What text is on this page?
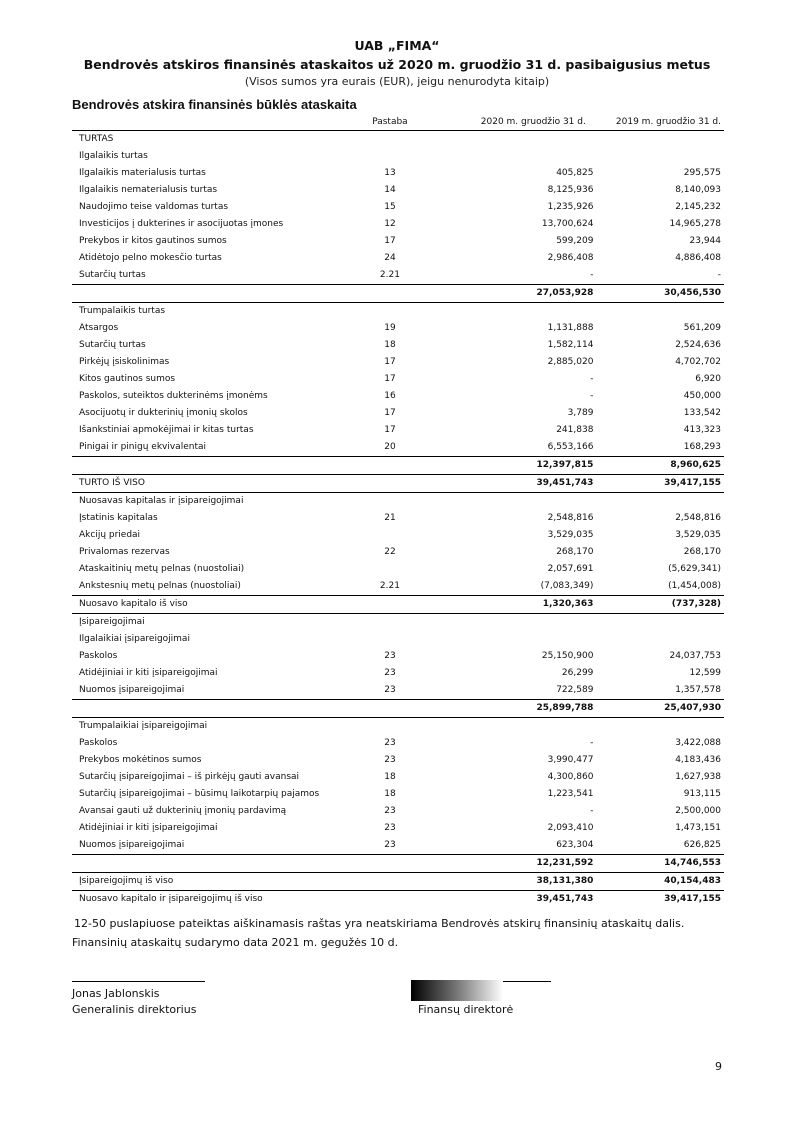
UAB „FIMA“
Bendrovės atskiros finansinės ataskaitos už 2020 m. gruodžio 31 d. pasibaigusius metus
(Visos sumos yra eurais (EUR), jeigu nenurodyta kitaip)
Bendrovės atskira finansinės būklės ataskaita
	Pastaba	2020 m. gruodžio 31 d.	2019 m. gruodžio 31 d.
TURTAS			
Ilgalaikis turtas			
Ilgalaikis materialusis turtas	13	405,825	295,575
Ilgalaikis nematerialusis turtas	14	8,125,936	8,140,093
Naudojimo teise valdomas turtas	15	1,235,926	2,145,232
Investicijos į dukterines ir asocijuotas įmones	12	13,700,624	14,965,278
Prekybos ir kitos gautinos sumos	17	599,209	23,944
Atidėtojo pelno mokesčio turtas	24	2,986,408	4,886,408
Sutarčių turtas	2.21	-	-
		27,053,928	30,456,530
Trumpalaikis turtas			
Atsargos	19	1,131,888	561,209
Sutarčių turtas	18	1,582,114	2,524,636
Pirkėjų įsiskolinimas	17	2,885,020	4,702,702
Kitos gautinos sumos	17	-	6,920
Paskolos, suteiktos dukterinėms įmonėms	16	-	450,000
Asocijuotų ir dukterinių įmonių skolos	17	3,789	133,542
Išankstiniai apmokėjimai ir kitas turtas	17	241,838	413,323
Pinigai ir pinigų ekvivalentai	20	6,553,166	168,293
		12,397,815	8,960,625
TURTO IŠ VISO		39,451,743	39,417,155
Nuosavas kapitalas ir įsipareigojimai			
Įstatinis kapitalas	21	2,548,816	2,548,816
Akcijų priedai		3,529,035	3,529,035
Privalomas rezervas	22	268,170	268,170
Ataskaitinių metų pelnas (nuostoliai)		2,057,691	(5,629,341)
Ankstesnių metų pelnas (nuostoliai)	2.21	(7,083,349)	(1,454,008)
Nuosavo kapitalo iš viso		1,320,363	(737,328)
Įsipareigojimai			
Ilgalaikiai įsipareigojimai			
Paskolos	23	25,150,900	24,037,753
Atidėjiniai ir kiti įsipareigojimai	23	26,299	12,599
Nuomos įsipareigojimai	23	722,589	1,357,578
		25,899,788	25,407,930
Trumpalaikiai įsipareigojimai			
Paskolos	23	-	3,422,088
Prekybos mokėtinos sumos	23	3,990,477	4,183,436
Sutarčių įsipareigojimai – iš pirkėjų gauti avansai	18	4,300,860	1,627,938
Sutarčių įsipareigojimai – būsimų laikotarpių pajamos	18	1,223,541	913,115
Avansai gauti už dukterinių įmonių pardavimą	23	-	2,500,000
Atidėjiniai ir kiti įsipareigojimai	23	2,093,410	1,473,151
Nuomos įsipareigojimai	23	623,304	626,825
		12,231,592	14,746,553
Įsipareigojimų iš viso		38,131,380	40,154,483
Nuosavo kapitalo ir įsipareigojimų iš viso		39,451,743	39,417,155
12-50 puslapiuose pateiktas aiškinamasis raštas yra neatskiriama Bendrovės atskirų finansinių ataskaitų dalis.
Finansinių ataskaitų sudarymo data 2021 m. gegužės 10 d.
Jonas Jablonskis
Generalinis direktorius	Finansų direktorė
9
